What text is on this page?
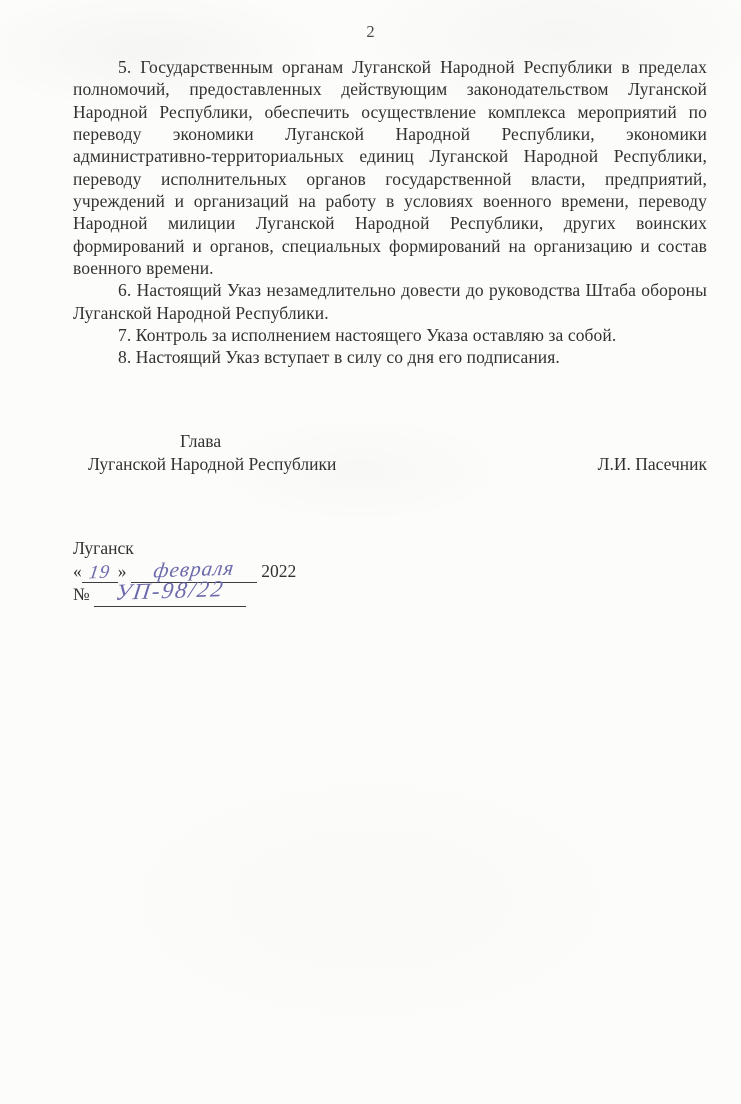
2

5. Государственным органам Луганской Народной Республики в пределах полномочий, предоставленных действующим законодательством Луганской Народной Республики, обеспечить осуществление комплекса мероприятий по переводу экономики Луганской Народной Республики, экономики административно-территориальных единиц Луганской Народной Республики, переводу исполнительных органов государственной власти, предприятий, учреждений и организаций на работу в условиях военного времени, переводу Народной милиции Луганской Народной Республики, других воинских формирований и органов, специальных формирований на организацию и состав военного времени.

6. Настоящий Указ незамедлительно довести до руководства Штаба обороны Луганской Народной Республики.

7. Контроль за исполнением настоящего Указа оставляю за собой.

8. Настоящий Указ вступает в силу со дня его подписания.

Глава
Луганской Народной Республики	Л.И. Пасечник
Луганск
« 19 » февраля 2022
№ УП-98/22
